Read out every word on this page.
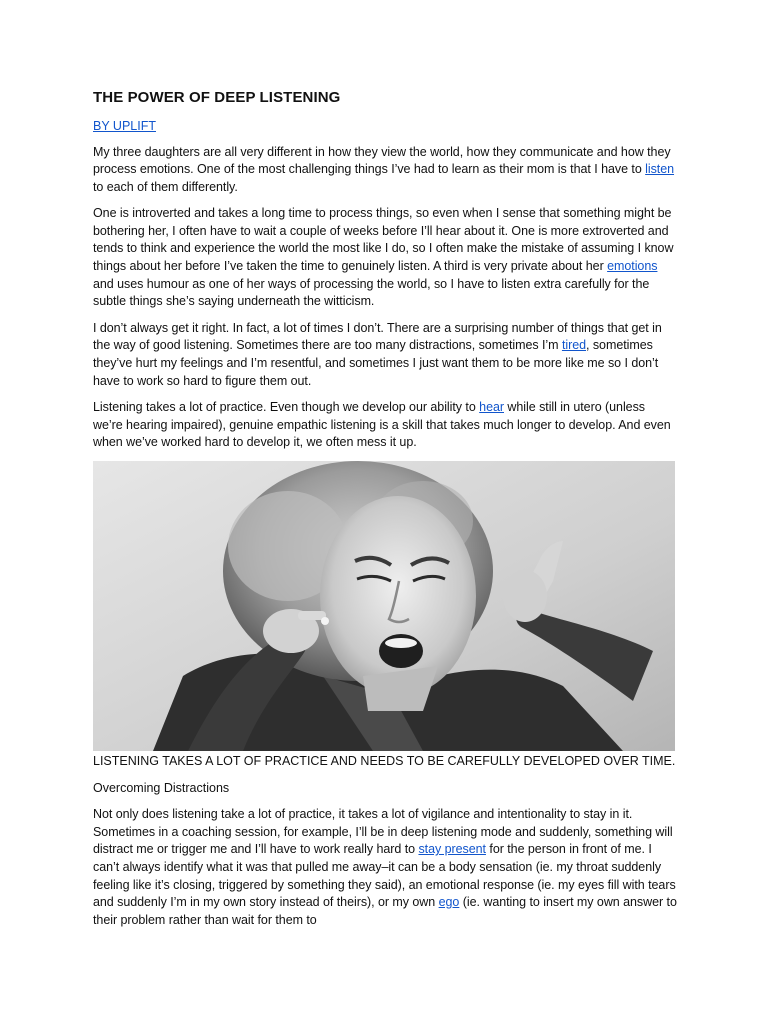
THE POWER OF DEEP LISTENING
BY UPLIFT

My three daughters are all very different in how they view the world, how they communicate and how they process emotions. One of the most challenging things I’ve had to learn as their mom is that I have to listen to each of them differently.

One is introverted and takes a long time to process things, so even when I sense that something might be bothering her, I often have to wait a couple of weeks before I’ll hear about it. One is more extroverted and tends to think and experience the world the most like I do, so I often make the mistake of assuming I know things about her before I’ve taken the time to genuinely listen. A third is very private about her emotions and uses humour as one of her ways of processing the world, so I have to listen extra carefully for the subtle things she’s saying underneath the witticism.

I don’t always get it right. In fact, a lot of times I don’t. There are a surprising number of things that get in the way of good listening. Sometimes there are too many distractions, sometimes I’m tired, sometimes they’ve hurt my feelings and I’m resentful, and sometimes I just want them to be more like me so I don’t have to work so hard to figure them out.

Listening takes a lot of practice. Even though we develop our ability to hear while still in utero (unless we’re hearing impaired), genuine empathic listening is a skill that takes much longer to develop. And even when we’ve worked hard to develop it, we often mess it up.

LISTENING TAKES A LOT OF PRACTICE AND NEEDS TO BE CAREFULLY DEVELOPED OVER TIME.

Overcoming Distractions

Not only does listening take a lot of practice, it takes a lot of vigilance and intentionality to stay in it. Sometimes in a coaching session, for example, I’ll be in deep listening mode and suddenly, something will distract me or trigger me and I’ll have to work really hard to stay present for the person in front of me. I can’t always identify what it was that pulled me away–it can be a body sensation (ie. my throat suddenly feeling like it’s closing, triggered by something they said), an emotional response (ie. my eyes fill with tears and suddenly I’m in my own story instead of theirs), or my own ego (ie. wanting to insert my own answer to their problem rather than wait for them to
